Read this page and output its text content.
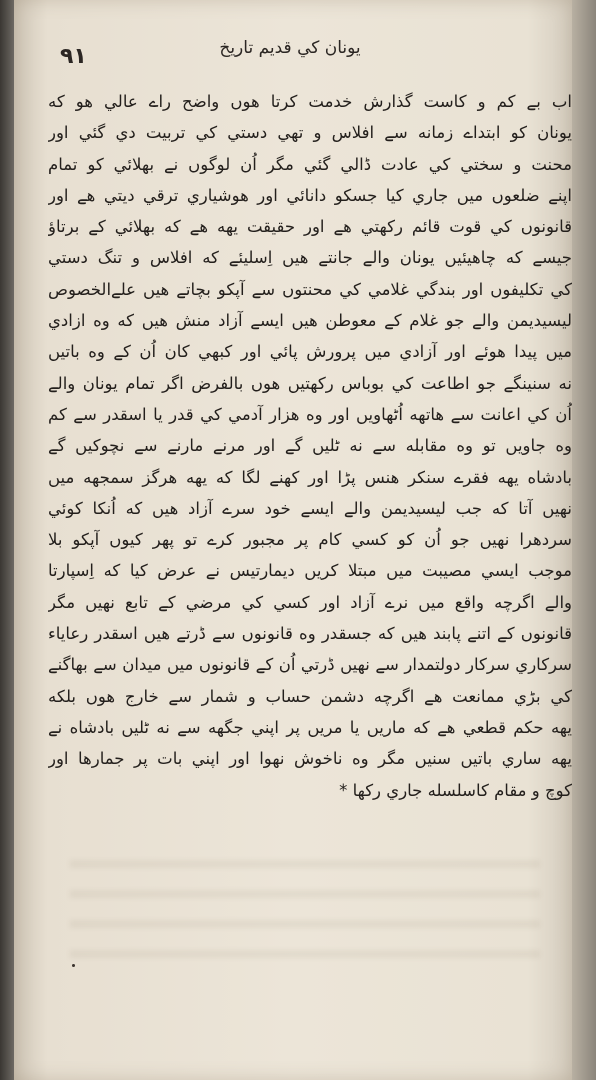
٩١	یونان کي قدیم تاریخ
اب بے کم و کاست گذارش خدمت کرتا هوں واضح راے عالي هو که
یونان کو ابتداے زمانه سے افلاس و تهي دستي کي تربیت دي گئي اور
محنت و سختي کي عادت ڈالي گئي مگر اُن لوگوں نے بهلائي کو تمام
اپنے ضلعوں میں جاري کیا جسکو دانائي اور هوشیاري ترقي دیتي هے اور
قانونوں کي قوت قائم رکهتي هے اور حقیقت یهه هے که بهلائي کے برتاؤ
جیسے که چاهیئیں یونان والے جانتے هیں اِسلیئے که افلاس و تنگ دستي
کي تکلیفوں اور بندگي غلامي کي محنتوں سے آپکو بچاتے هیں علےالخصوص
لیسیدیمن والے جو غلام کے معوطن هیں ایسے آزاد منش هیں که وه ازادي
میں پیدا هوئے اور آزادي میں پرورش پائي اور کبهي کان اُن کے وه باتیں
نه سنینگے جو اطاعت کي بوباس رکهتیں هوں بالفرض اگر تمام یونان والے
اُن کي اعانت سے هاتهه اُٹهاویں اور وه هزار آدمي کي قدر یا اسقدر سے کم
وه جاویں تو وه مقابله سے نه ٹلیں گے اور مرنے مارنے سے نچوکیں گے
بادشاه یهه فقرے سنکر هنس پڑا اور کهنے لگا که یهه هرگز سمجهه میں
نهیں آتا که جب لیسیدیمن والے ایسے خود سرے آزاد هیں که اُنکا کوئي
سردهرا نهیں جو اُن کو کسي کام پر مجبور کرے تو پهر کیوں آپکو بلا
موجب ایسي مصیبت میں مبتلا کریں دیمارتیس نے عرض کیا که اِسپارتا
والے اگرچه واقع میں نرے آزاد اور کسي کي مرضي کے تابع نهیں مگر
قانونوں کے اتنے پابند هیں که جسقدر وه قانونوں سے ڈرتے هیں اسقدر رعایاء
سرکاري سرکار دولتمدار سے نهیں ڈرتي اُن کے قانونوں میں میدان سے بهاگنے
کي بڑي ممانعت هے اگرچه دشمن حساب و شمار سے خارج هوں بلکه
یهه حکم قطعي هے که ماریں یا مریں پر اپني جگهه سے نه ٹلیں بادشاه نے
یهه ساري باتیں سنیں مگر وه ناخوش نهوا اور اپني بات پر جمارها اور
کوچ و مقام کاسلسله جاري رکها *
